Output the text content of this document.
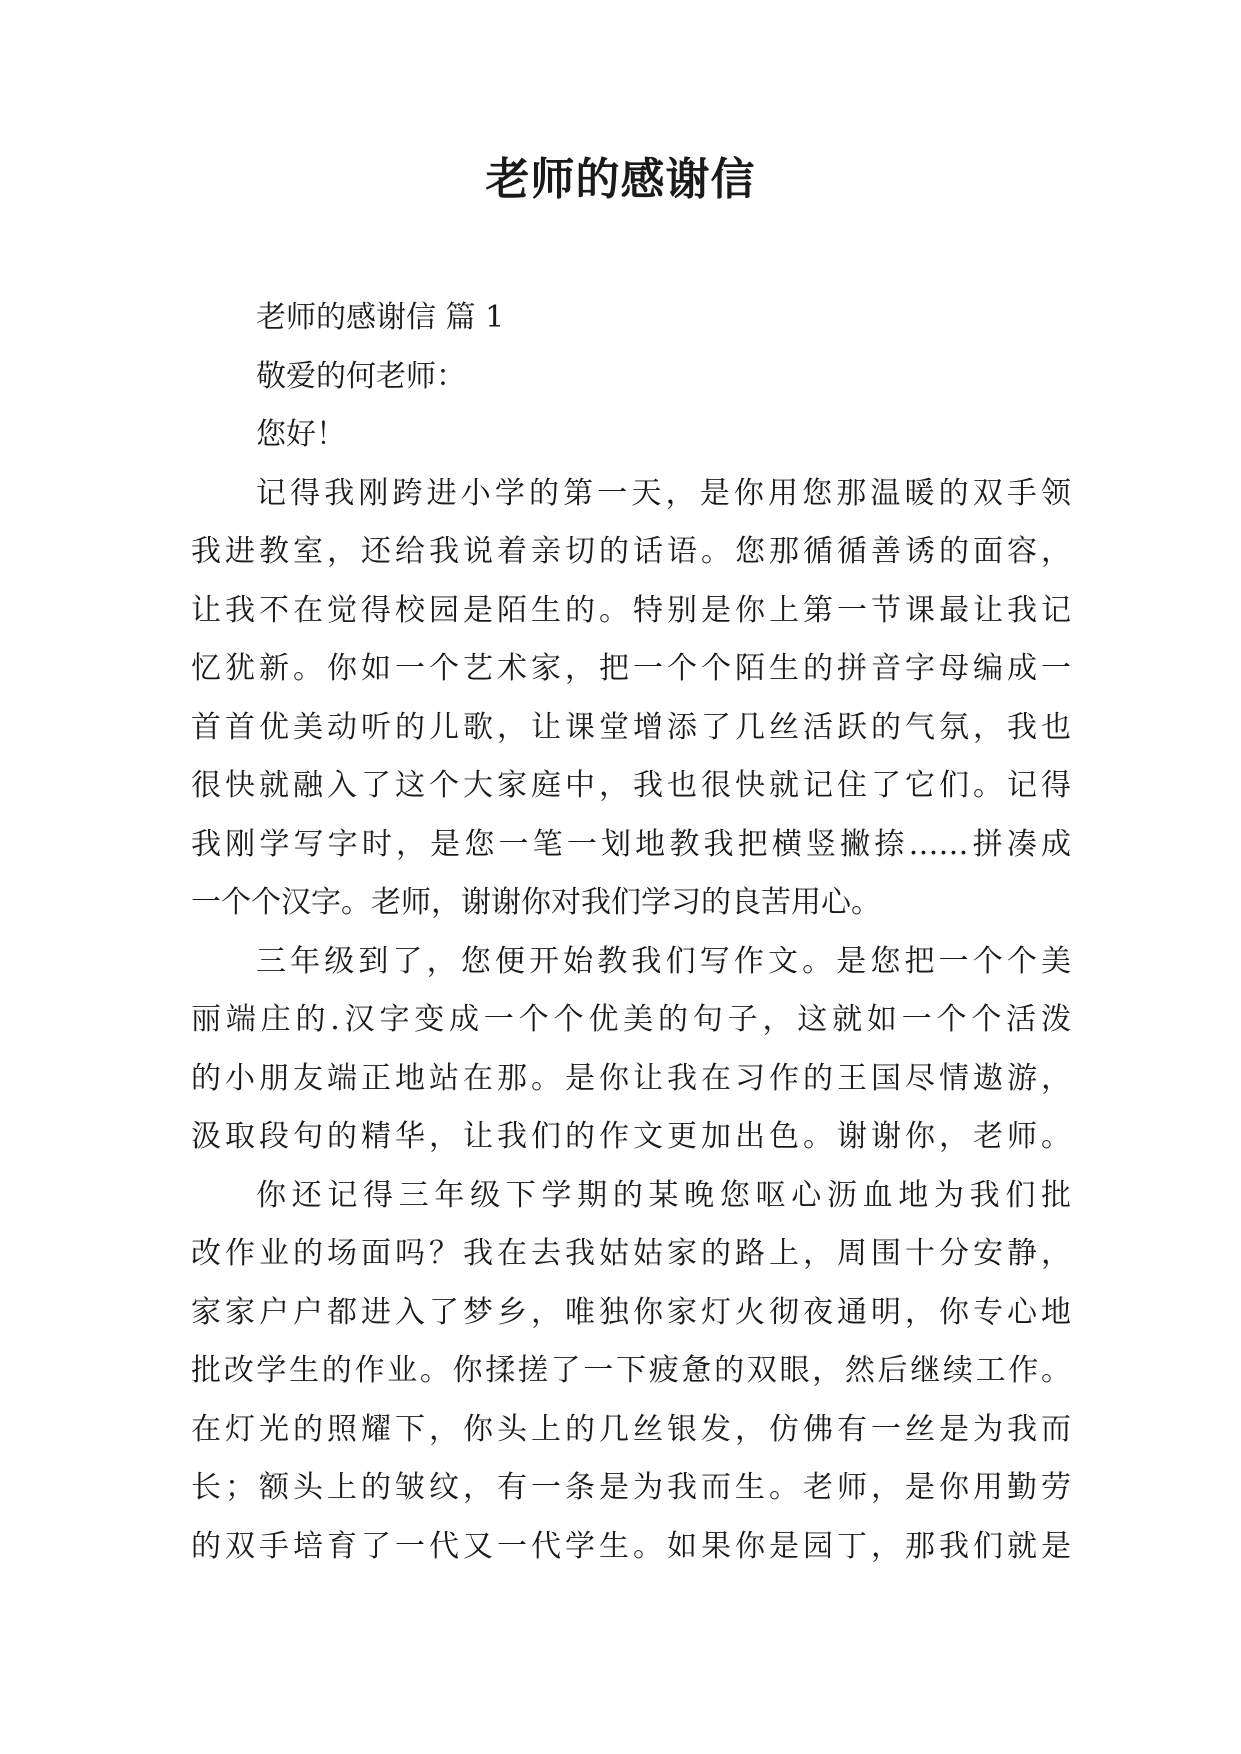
老师的感谢信
老师的感谢信 篇 1
敬爱的何老师：
您好！
记得我刚跨进小学的第一天，是你用您那温暖的双手领
我进教室，还给我说着亲切的话语。您那循循善诱的面容，
让我不在觉得校园是陌生的。特别是你上第一节课最让我记
忆犹新。你如一个艺术家，把一个个陌生的拼音字母编成一
首首优美动听的儿歌，让课堂增添了几丝活跃的气氛，我也
很快就融入了这个大家庭中，我也很快就记住了它们。记得
我刚学写字时，是您一笔一划地教我把横竖撇捺……拼凑成
一个个汉字。老师，谢谢你对我们学习的良苦用心。
三年级到了，您便开始教我们写作文。是您把一个个美
丽端庄的.汉字变成一个个优美的句子，这就如一个个活泼
的小朋友端正地站在那。是你让我在习作的王国尽情遨游，
汲取段句的精华，让我们的作文更加出色。谢谢你，老师。
你还记得三年级下学期的某晚您呕心沥血地为我们批
改作业的场面吗？我在去我姑姑家的路上，周围十分安静，
家家户户都进入了梦乡，唯独你家灯火彻夜通明，你专心地
批改学生的作业。你揉搓了一下疲惫的双眼，然后继续工作。
在灯光的照耀下，你头上的几丝银发，仿佛有一丝是为我而
长；额头上的皱纹，有一条是为我而生。老师，是你用勤劳
的双手培育了一代又一代学生。如果你是园丁，那我们就是
